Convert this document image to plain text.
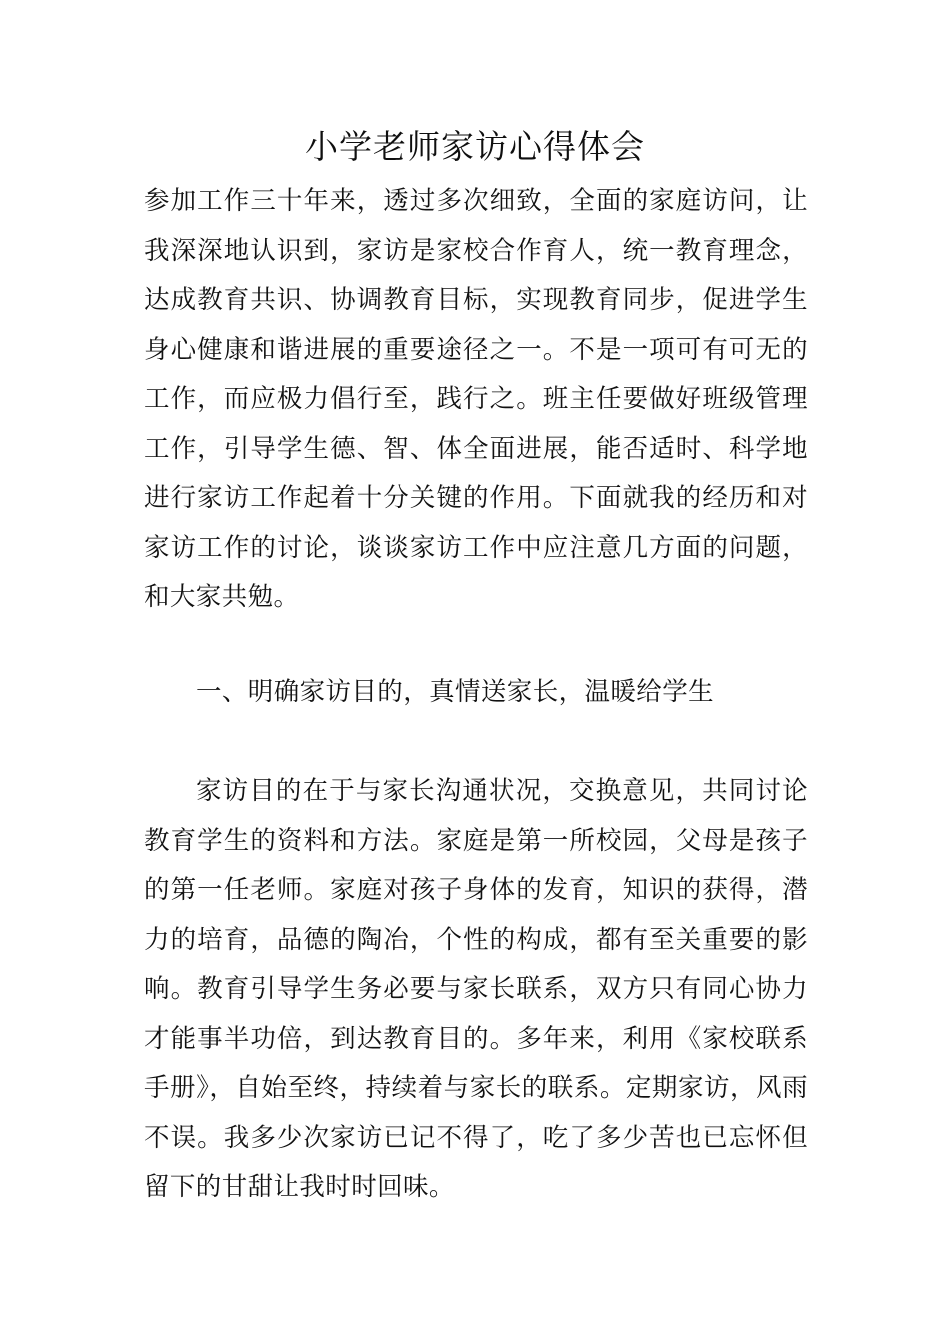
小学老师家访心得体会

参加工作三十年来，透过多次细致，全面的家庭访问，让我深深地认识到，家访是家校合作育人，统一教育理念，达成教育共识、协调教育目标，实现教育同步，促进学生身心健康和谐进展的重要途径之一。不是一项可有可无的工作，而应极力倡行至，践行之。班主任要做好班级管理工作，引导学生德、智、体全面进展，能否适时、科学地进行家访工作起着十分关键的作用。下面就我的经历和对家访工作的讨论，谈谈家访工作中应注意几方面的问题，和大家共勉。

一、明确家访目的，真情送家长，温暖给学生

家访目的在于与家长沟通状况，交换意见，共同讨论教育学生的资料和方法。家庭是第一所校园，父母是孩子的第一任老师。家庭对孩子身体的发育，知识的获得，潜力的培育，品德的陶冶，个性的构成，都有至关重要的影响。教育引导学生务必要与家长联系，双方只有同心协力才能事半功倍，到达教育目的。多年来，利用《家校联系手册》，自始至终，持续着与家长的联系。定期家访，风雨不误。我多少次家访已记不得了，吃了多少苦也已忘怀但留下的甘甜让我时时回味。
